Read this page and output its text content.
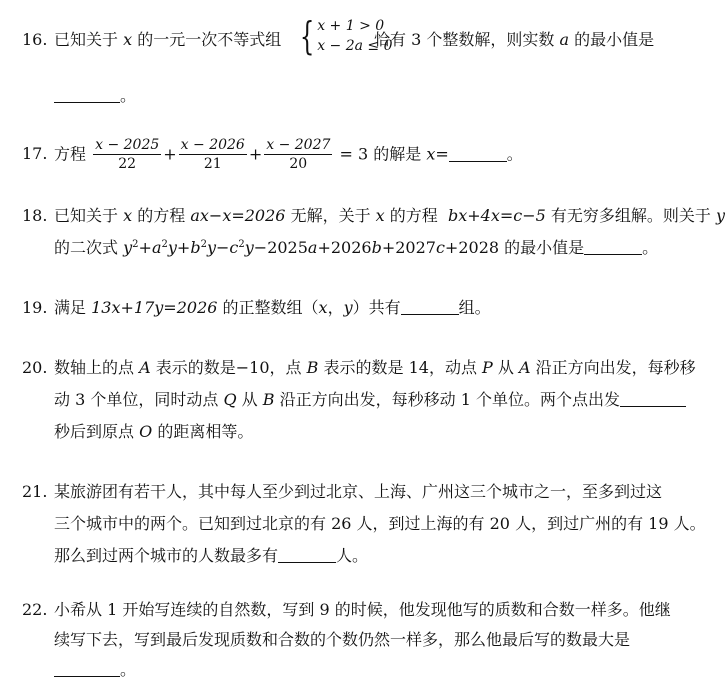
16. 已知关于 x 的一元一次不等式组 { x + 1 > 0
x − 2a ≤ 0
恰有 3 个整数解，则实数 a 的最小值是
。
17. 方程 $\frac{x - 2025}{22} + \frac{x - 2026}{21} + \frac{x - 2027}{20} = 3$ 的解是 x=	。
18. 已知关于 x 的方程 ax−x=2026 无解，关于 x 的方程 bx+4x=c−5 有无穷多组解。则关于 y
的二次式 $y^2+a^2y+b^2y-c^2y-2025a+2026b+2027c+2028$ 的最小值是	。
19. 满足 13x+17y=2026 的正整数组（x，y）共有	组。
20. 数轴上的点 A 表示的数是−10，点 B 表示的数是 14，动点 P 从 A 沿正方向出发，每秒移
动 3 个单位，同时动点 Q 从 B 沿正方向出发，每秒移动 1 个单位。两个点出发
秒后到原点 O 的距离相等。
21. 某旅游团有若干人，其中每人至少到过北京、上海、广州这三个城市之一，至多到过这
三个城市中的两个。已知到过北京的有 26 人，到过上海的有 20 人，到过广州的有 19 人。
那么到过两个城市的人数最多有	人。
22. 小希从 1 开始写连续的自然数，写到 9 的时候，他发现他写的质数和合数一样多。他继
续写下去，写到最后发现质数和合数的个数仍然一样多，那么他最后写的数最大是
。
